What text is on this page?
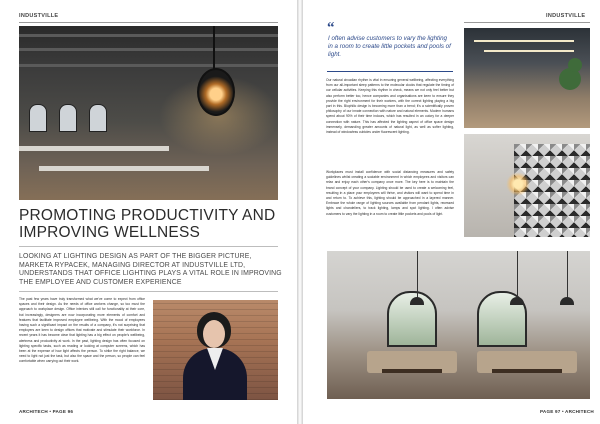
INDUSTVILLE
PROMOTING PRODUCTIVITY AND IMPROVING WELLNESS

LOOKING AT LIGHTING DESIGN AS PART OF THE BIGGER PICTURE, MARKETA RYPACEK, MANAGING DIRECTOR AT INDUSTVILLE LTD, UNDERSTANDS THAT OFFICE LIGHTING PLAYS A VITAL ROLE IN IMPROVING THE EMPLOYEE AND CUSTOMER EXPERIENCE

The past few years have truly transformed what we've come to expect from office spaces and their design. As the needs of office workers change, so too must the approach to workplace design. Office interiors still call for functionality at their core, but increasingly, designers are now incorporating more elements of comfort and features that facilitate improved employee wellbeing. With the mood of employees having such a significant impact on the results of a company, it's not surprising that employers are keen to design offices that motivate and stimulate their workforce. In recent years it has become clear that lighting has a big effect on people's wellbeing, alertness and productivity at work. In the past, lighting design has often focused on lighting specific tasks, such as reading or looking at computer screens, which has been at the expense of how light affects the person. To strike the right balance, we need to light not just the task, but also the space and the person, so people can feel comfortable when carrying out their work.

ARCHITECH • PAGE 96
INDUSTVILLE
“

I often advise customers to vary the lighting in a room to create little pockets and pools of light.

Our natural circadian rhythm is vital in ensuring general wellbeing, affecting everything from our all-important sleep patterns to the molecular clocks that regulate the timing of our cellular activities. Keeping this rhythm in check, means we not only feel better but also perform better too, hence companies and organisations are keen to ensure they provide the right environment for their workers, with the correct lighting playing a big part in this. Biophilic design is becoming more than a trend; it's a scientifically proven philosophy of our innate connection with nature and natural elements. Modern humans spend about 90% of their time indoors, which has resulted in an outcry for a deeper connection with nature. This has affected the lighting aspect of office space design immensely, demanding greater amounts of natural light, as well as softer lighting, instead of windowless cubicles under fluorescent lighting.

Workplaces must install confidence with social distancing measures and safety guidelines whilst creating a sociable environment in which employees and visitors can relax and enjoy each other's company once more. The key here is to maintain the brand concept of your company. Lighting should be used to create a welcoming feel, resulting in a place your employees will thrive, and visitors will want to spend time in and return to. To achieve this, lighting should be approached in a layered manner. Embrace the whole range of lighting sources available from pendant lights, recessed lights and chandeliers, to track lighting, lamps and spot lighting. I often advise customers to vary the lighting in a room to create little pockets and pools of light.

PAGE 97 • ARCHITECH
